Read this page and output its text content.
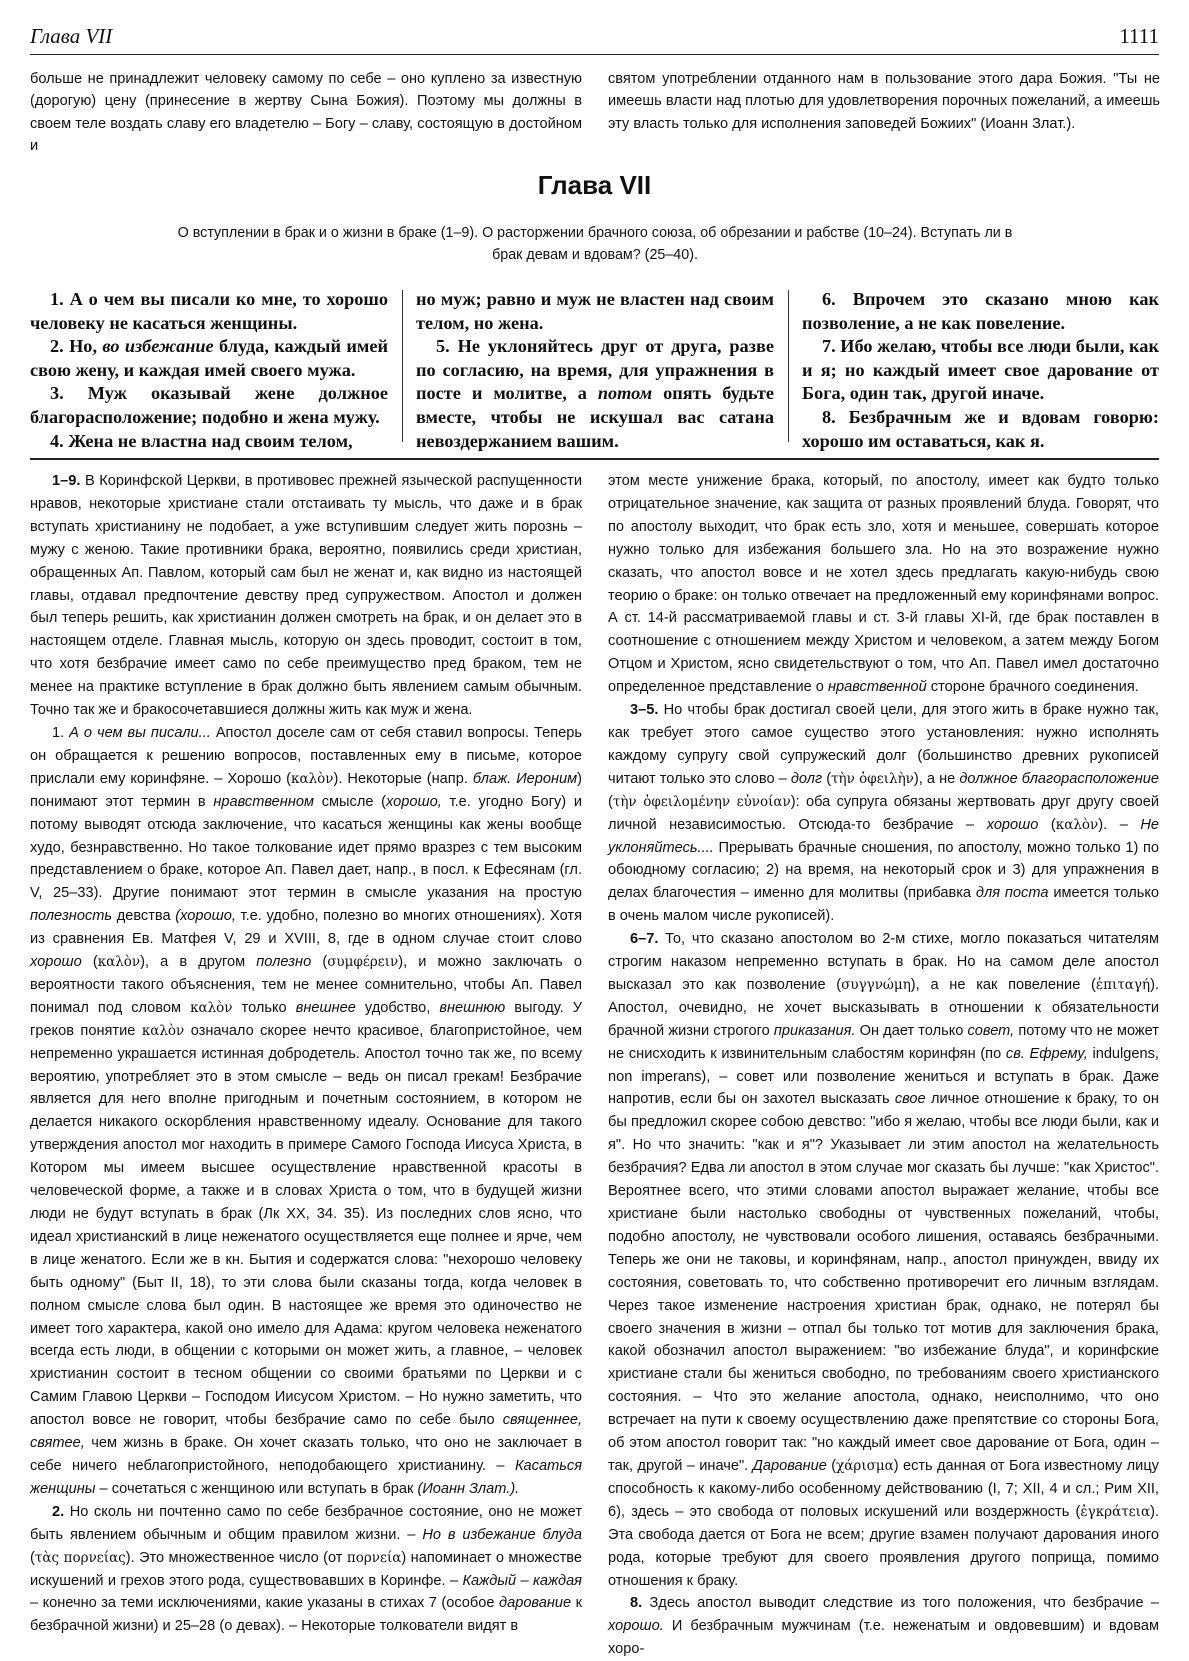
Глава VII	1111
больше не принадлежит человеку самому по себе – оно куплено за известную (дорогую) цену (принесение в жертву Сына Божия). Поэтому мы должны в своем теле воздать славу его владетелю – Богу – славу, состоящую в достойном и
святом употреблении отданного нам в пользование этого дара Божия. "Ты не имеешь власти над плотью для удовлетворения порочных пожеланий, а имеешь эту власть только для исполнения заповедей Божиих" (Иоанн Злат.).
Глава VII
О вступлении в брак и о жизни в браке (1–9). О расторжении брачного союза, об обрезании и рабстве (10–24). Вступать ли в брак девам и вдовам? (25–40).

1. А о чем вы писали ко мне, то хорошо человеку не касаться женщины.

2. Но, во избежание блуда, каждый имей свою жену, и каждая имей своего мужа.

3. Муж оказывай жене должное благорасположение; подобно и жена мужу.

4. Жена не властна над своим телом,

но муж; равно и муж не властен над своим телом, но жена.

5. Не уклоняйтесь друг от друга, разве по согласию, на время, для упражнения в посте и молитве, а потом опять будьте вместе, чтобы не искушал вас сатана невоздержанием вашим.

6. Впрочем это сказано мною как позволение, а не как повеление.

7. Ибо желаю, чтобы все люди были, как и я; но каждый имеет свое дарование от Бога, один так, другой иначе.

8. Безбрачным же и вдовам говорю: хорошо им оставаться, как я.

1–9. В Коринфской Церкви, в противовес прежней языческой распущенности нравов, некоторые христиане стали отстаивать ту мысль, что даже и в брак вступать христианину не подобает, а уже вступившим следует жить порознь – мужу с женою. Такие противники брака, вероятно, появились среди христиан, обращенных Ап. Павлом, который сам был не женат и, как видно из настоящей главы, отдавал предпочтение девству пред супружеством. Апостол и должен был теперь решить, как христианин должен смотреть на брак, и он делает это в настоящем отделе. Главная мысль, которую он здесь проводит, состоит в том, что хотя безбрачие имеет само по себе преимущество пред браком, тем не менее на практике вступление в брак должно быть явлением самым обычным. Точно так же и бракосочетавшиеся должны жить как муж и жена.

1. А о чем вы писали... Апостол доселе сам от себя ставил вопросы. Теперь он обращается к решению вопросов, поставленных ему в письме, которое прислали ему коринфяне. – Хорошо (καλὸν). Некоторые (напр. блаж. Иероним) понимают этот термин в нравственном смысле (хорошо, т.е. угодно Богу) и потому выводят отсюда заключение, что касаться женщины как жены вообще худо, безнравственно. Но такое толкование идет прямо вразрез с тем высоким представлением о браке, которое Ап. Павел дает, напр., в посл. к Ефесянам (гл. V, 25–33). Другие понимают этот термин в смысле указания на простую полезность девства (хорошо, т.е. удобно, полезно во многих отношениях). Хотя из сравнения Ев. Матфея V, 29 и XVIII, 8, где в одном случае стоит слово хорошо (καλὸν), а в другом полезно (συμφέρειν), и можно заключать о вероятности такого объяснения, тем не менее сомнительно, чтобы Ап. Павел понимал под словом καλὸν только внешнее удобство, внешнюю выгоду. У греков понятие καλὸν означало скорее нечто красивое, благопристойное, чем непременно украшается истинная добродетель. Апостол точно так же, по всему вероятию, употребляет это в этом смысле – ведь он писал грекам! Безбрачие является для него вполне пригодным и почетным состоянием, в котором не делается никакого оскорбления нравственному идеалу. Основание для такого утверждения апостол мог находить в примере Самого Господа Иисуса Христа, в Котором мы имеем высшее осуществление нравственной красоты в человеческой форме, а также и в словах Христа о том, что в будущей жизни люди не будут вступать в брак (Лк XX, 34. 35). Из последних слов ясно, что идеал христианский в лице неженатого осуществляется еще полнее и ярче, чем в лице женатого. Если же в кн. Бытия и содержатся слова: "нехорошо человеку быть одному" (Быт II, 18), то эти слова были сказаны тогда, когда человек в полном смысле слова был один. В настоящее же время это одиночество не имеет того характера, какой оно имело для Адама: кругом человека неженатого всегда есть люди, в общении с которыми он может жить, а главное, – человек христианин состоит в тесном общении со своими братьями по Церкви и с Самим Главою Церкви – Господом Иисусом Христом. – Но нужно заметить, что апостол вовсе не говорит, чтобы безбрачие само по себе было священнее, святее, чем жизнь в браке. Он хочет сказать только, что оно не заключает в себе ничего неблагопристойного, неподобающего христианину. – Касаться женщины – сочетаться с женщиною или вступать в брак (Иоанн Злат.).

2. Но сколь ни почтенно само по себе безбрачное состояние, оно не может быть явлением обычным и общим правилом жизни. – Но в избежание блуда (τὰς πορνείας). Это множественное число (от πορνεία) напоминает о множестве искушений и грехов этого рода, существовавших в Коринфе. – Каждый – каждая – конечно за теми исключениями, какие указаны в стихах 7 (особое дарование к безбрачной жизни) и 25–28 (о девах). – Некоторые толкователи видят в

этом месте унижение брака, который, по апостолу, имеет как будто только отрицательное значение, как защита от разных проявлений блуда. Говорят, что по апостолу выходит, что брак есть зло, хотя и меньшее, совершать которое нужно только для избежания большего зла. Но на это возражение нужно сказать, что апостол вовсе и не хотел здесь предлагать какую-нибудь свою теорию о браке: он только отвечает на предложенный ему коринфянами вопрос. А ст. 14-й рассматриваемой главы и ст. 3-й главы XI-й, где брак поставлен в соотношение с отношением между Христом и человеком, а затем между Богом Отцом и Христом, ясно свидетельствуют о том, что Ап. Павел имел достаточно определенное представление о нравственной стороне брачного соединения.

3–5. Но чтобы брак достигал своей цели, для этого жить в браке нужно так, как требует этого самое существо этого установления: нужно исполнять каждому супругу свой супружеский долг (большинство древних рукописей читают только это слово – долг (τὴν ὀφειλὴν), а не должное благорасположение (τὴν ὀφειλομένην εὐνοίαν): оба супруга обязаны жертвовать друг другу своей личной независимостью. Отсюда-то безбрачие – хорошо (καλὸν). – Не уклоняйтесь.... Прерывать брачные сношения, по апостолу, можно только 1) по обоюдному согласию; 2) на время, на некоторый срок и 3) для упражнения в делах благочестия – именно для молитвы (прибавка для поста имеется только в очень малом числе рукописей).

6–7. То, что сказано апостолом во 2-м стихе, могло показаться читателям строгим наказом непременно вступать в брак. Но на самом деле апостол высказал это как позволение (συγγνώμη), а не как повеление (ἐπιταγή). Апостол, очевидно, не хочет высказывать в отношении к обязательности брачной жизни строгого приказания. Он дает только совет, потому что не может не снисходить к извинительным слабостям коринфян (по св. Ефрему, indulgens, non imperans), – совет или позволение жениться и вступать в брак. Даже напротив, если бы он захотел высказать свое личное отношение к браку, то он бы предложил скорее собою девство: "ибо я желаю, чтобы все люди были, как и я". Но что значить: "как и я"? Указывает ли этим апостол на желательность безбрачия? Едва ли апостол в этом случае мог сказать бы лучше: "как Христос". Вероятнее всего, что этими словами апостол выражает желание, чтобы все христиане были настолько свободны от чувственных пожеланий, чтобы, подобно апостолу, не чувствовали особого лишения, оставаясь безбрачными. Теперь же они не таковы, и коринфянам, напр., апостол принужден, ввиду их состояния, советовать то, что собственно противоречит его личным взглядам. Через такое изменение настроения христиан брак, однако, не потерял бы своего значения в жизни – отпал бы только тот мотив для заключения брака, какой обозначил апостол выражением: "во избежание блуда", и коринфские христиане стали бы жениться свободно, по требованиям своего христианского состояния. – Что это желание апостола, однако, неисполнимо, что оно встречает на пути к своему осуществлению даже препятствие со стороны Бога, об этом апостол говорит так: "но каждый имеет свое дарование от Бога, один – так, другой – иначе". Дарование (χάρισμα) есть данная от Бога известному лицу способность к какому-либо особенному действованию (I, 7; XII, 4 и сл.; Рим XII, 6), здесь – это свобода от половых искушений или воздержность (ἐγκράτεια). Эта свобода дается от Бога не всем; другие взамен получают дарования иного рода, которые требуют для своего проявления другого поприща, помимо отношения к браку.

8. Здесь апостол выводит следствие из того положения, что безбрачие – хорошо. И безбрачным мужчинам (т.е. неженатым и овдовевшим) и вдовам хоро-
